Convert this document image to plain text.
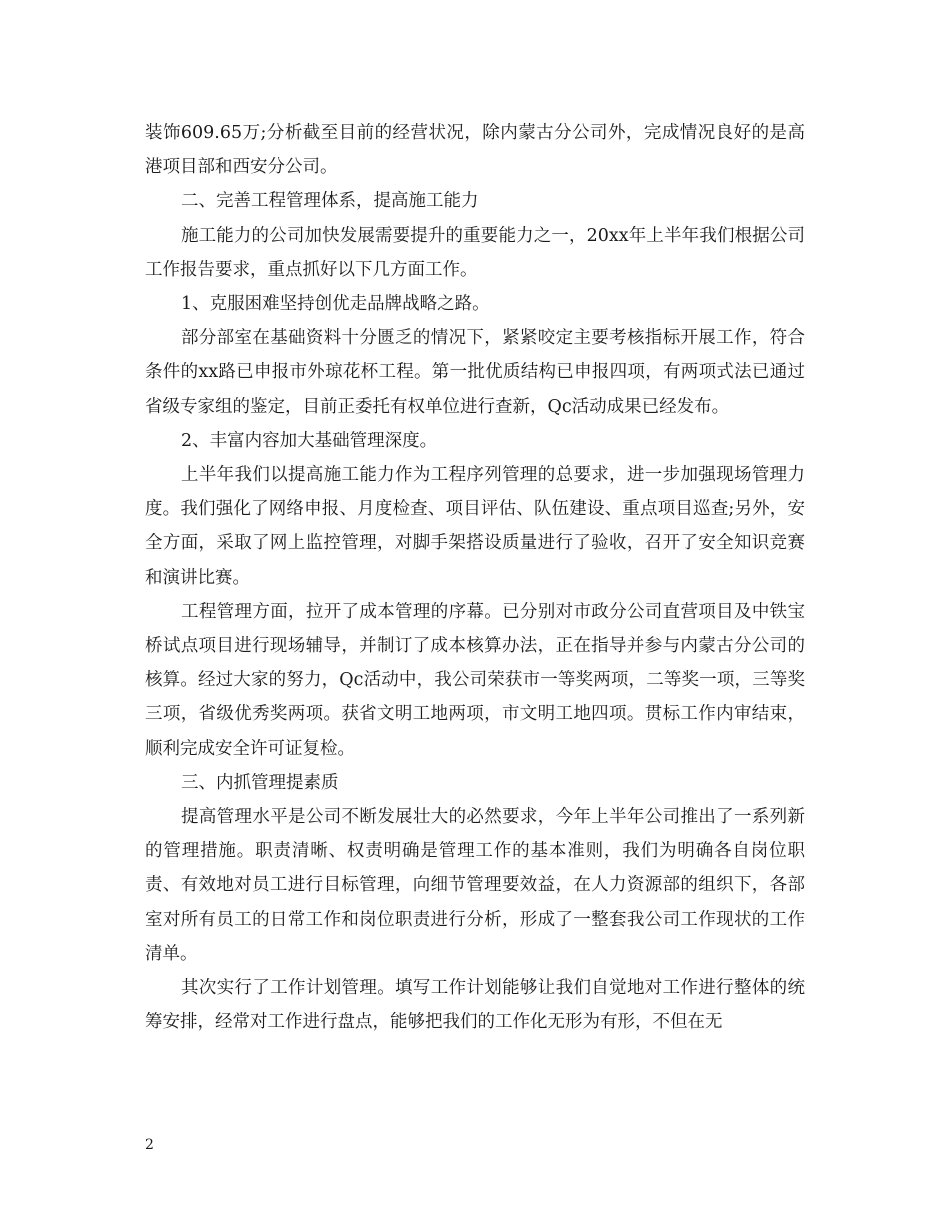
装饰609.65万;分析截至目前的经营状况，除内蒙古分公司外，完成情况良好的是高港项目部和西安分公司。

二、完善工程管理体系，提高施工能力

施工能力的公司加快发展需要提升的重要能力之一，20xx年上半年我们根据公司工作报告要求，重点抓好以下几方面工作。

1、克服困难坚持创优走品牌战略之路。

部分部室在基础资料十分匮乏的情况下，紧紧咬定主要考核指标开展工作，符合条件的xx路已申报市外琼花杯工程。第一批优质结构已申报四项，有两项式法已通过省级专家组的鉴定，目前正委托有权单位进行查新，Qc活动成果已经发布。

2、丰富内容加大基础管理深度。

上半年我们以提高施工能力作为工程序列管理的总要求，进一步加强现场管理力度。我们强化了网络申报、月度检查、项目评估、队伍建设、重点项目巡查;另外，安全方面，采取了网上监控管理，对脚手架搭设质量进行了验收，召开了安全知识竞赛和演讲比赛。

工程管理方面，拉开了成本管理的序幕。已分别对市政分公司直营项目及中铁宝桥试点项目进行现场辅导，并制订了成本核算办法，正在指导并参与内蒙古分公司的核算。经过大家的努力，Qc活动中，我公司荣获市一等奖两项，二等奖一项，三等奖三项，省级优秀奖两项。获省文明工地两项，市文明工地四项。贯标工作内审结束，顺利完成安全许可证复检。

三、内抓管理提素质

提高管理水平是公司不断发展壮大的必然要求，今年上半年公司推出了一系列新的管理措施。职责清晰、权责明确是管理工作的基本准则，我们为明确各自岗位职责、有效地对员工进行目标管理，向细节管理要效益，在人力资源部的组织下，各部室对所有员工的日常工作和岗位职责进行分析，形成了一整套我公司工作现状的工作清单。

其次实行了工作计划管理。填写工作计划能够让我们自觉地对工作进行整体的统筹安排，经常对工作进行盘点，能够把我们的工作化无形为有形，不但在无

2
